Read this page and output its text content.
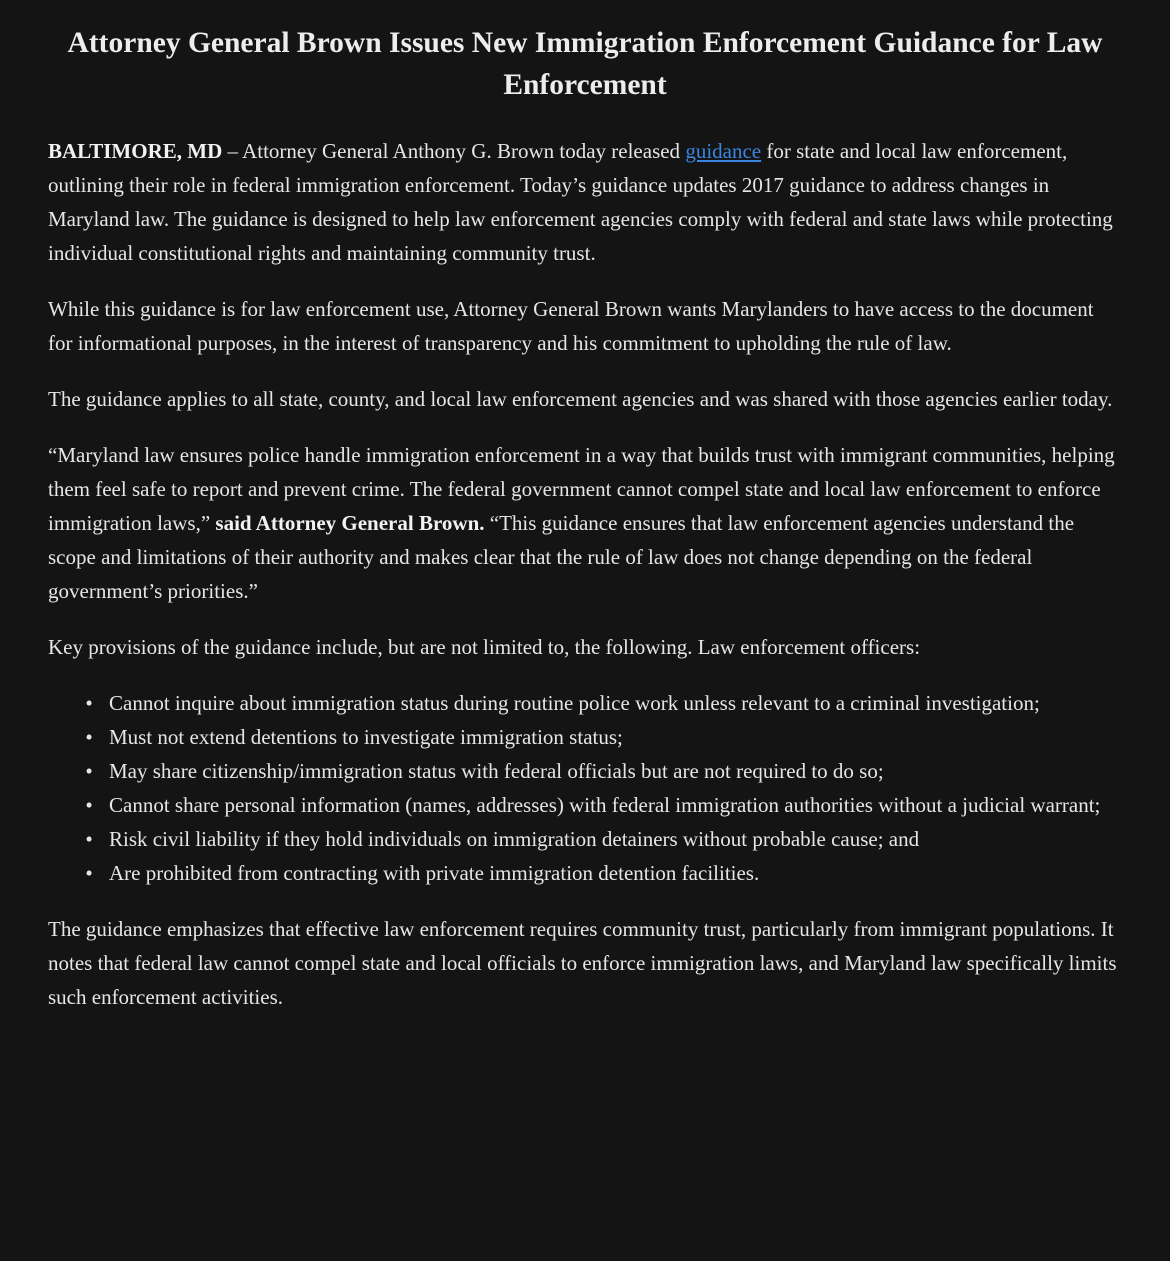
Attorney General Brown Issues New Immigration Enforcement Guidance for Law Enforcement

BALTIMORE, MD – Attorney General Anthony G. Brown today released guidance for state and local law enforcement, outlining their role in federal immigration enforcement. Today’s guidance updates 2017 guidance to address changes in Maryland law. The guidance is designed to help law enforcement agencies comply with federal and state laws while protecting individual constitutional rights and maintaining community trust.

While this guidance is for law enforcement use, Attorney General Brown wants Marylanders to have access to the document for informational purposes, in the interest of transparency and his commitment to upholding the rule of law.

The guidance applies to all state, county, and local law enforcement agencies and was shared with those agencies earlier today.

“Maryland law ensures police handle immigration enforcement in a way that builds trust with immigrant communities, helping them feel safe to report and prevent crime. The federal government cannot compel state and local law enforcement to enforce immigration laws,” said Attorney General Brown. “This guidance ensures that law enforcement agencies understand the scope and limitations of their authority and makes clear that the rule of law does not change depending on the federal government’s priorities.”

Key provisions of the guidance include, but are not limited to, the following. Law enforcement officers:

• Cannot inquire about immigration status during routine police work unless relevant to a criminal investigation;
• Must not extend detentions to investigate immigration status;
• May share citizenship/immigration status with federal officials but are not required to do so;
• Cannot share personal information (names, addresses) with federal immigration authorities without a judicial warrant;
• Risk civil liability if they hold individuals on immigration detainers without probable cause; and
• Are prohibited from contracting with private immigration detention facilities.

The guidance emphasizes that effective law enforcement requires community trust, particularly from immigrant populations. It notes that federal law cannot compel state and local officials to enforce immigration laws, and Maryland law specifically limits such enforcement activities.
